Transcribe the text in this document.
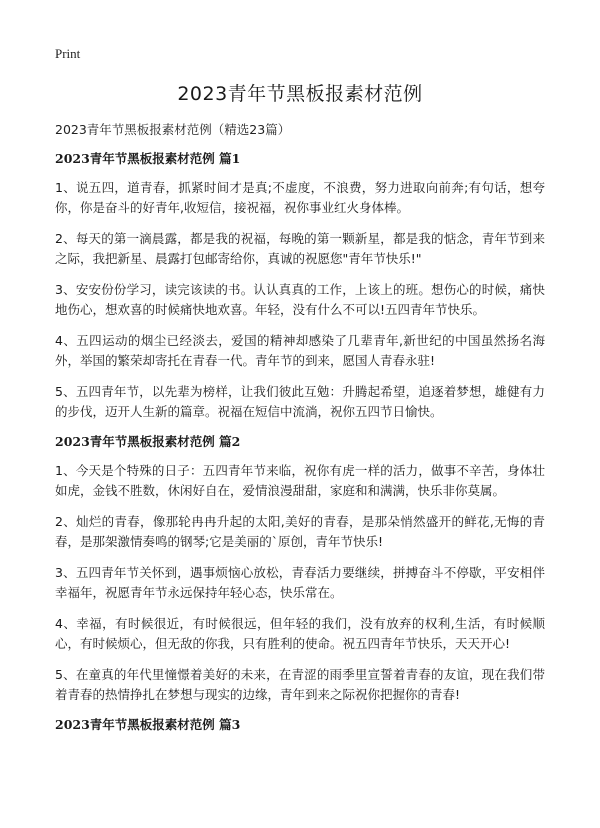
Print
2023青年节黑板报素材范例
2023青年节黑板报素材范例（精选23篇）
2023青年节黑板报素材范例 篇1

1、说五四，道青春，抓紧时间才是真;不虚度，不浪费，努力进取向前奔;有句话，想夸你，你是奋斗的好青年,收短信，接祝福，祝你事业红火身体棒。

2、每天的第一滴晨露，都是我的祝福，每晚的第一颗新星，都是我的惦念，青年节到来之际，我把新星、晨露打包邮寄给你，真诚的祝愿您"青年节快乐!"

3、安安份份学习，读完该读的书。认认真真的工作，上该上的班。想伤心的时候，痛快地伤心，想欢喜的时候痛快地欢喜。年轻，没有什么不可以!五四青年节快乐。

4、五四运动的烟尘已经淡去，爱国的精神却感染了几辈青年,新世纪的中国虽然扬名海外，举国的繁荣却寄托在青春一代。青年节的到来，愿国人青春永驻!

5、五四青年节，以先辈为榜样，让我们彼此互勉：升腾起希望，追逐着梦想，雄健有力的步伐，迈开人生新的篇章。祝福在短信中流淌，祝你五四节日愉快。

2023青年节黑板报素材范例 篇2

1、今天是个特殊的日子：五四青年节来临，祝你有虎一样的活力，做事不辛苦，身体壮如虎，金钱不胜数，休闲好自在，爱情浪漫甜甜，家庭和和满满，快乐非你莫属。

2、灿烂的青春，像那轮冉冉升起的太阳,美好的青春，是那朵悄然盛开的鲜花,无悔的青春，是那架激情奏鸣的钢琴;它是美丽的`原创，青年节快乐!

3、五四青年节关怀到，遇事烦恼心放松，青春活力要继续，拼搏奋斗不停歇，平安相伴幸福年，祝愿青年节永远保持年轻心态，快乐常在。

4、幸福，有时候很近，有时候很远，但年轻的我们，没有放弃的权利,生活，有时候顺心，有时候烦心，但无敌的你我，只有胜利的使命。祝五四青年节快乐，天天开心!

5、在童真的年代里憧憬着美好的未来，在青涩的雨季里宣誓着青春的友谊，现在我们带着青春的热情挣扎在梦想与现实的边缘，青年到来之际祝你把握你的青春!

2023青年节黑板报素材范例 篇3
